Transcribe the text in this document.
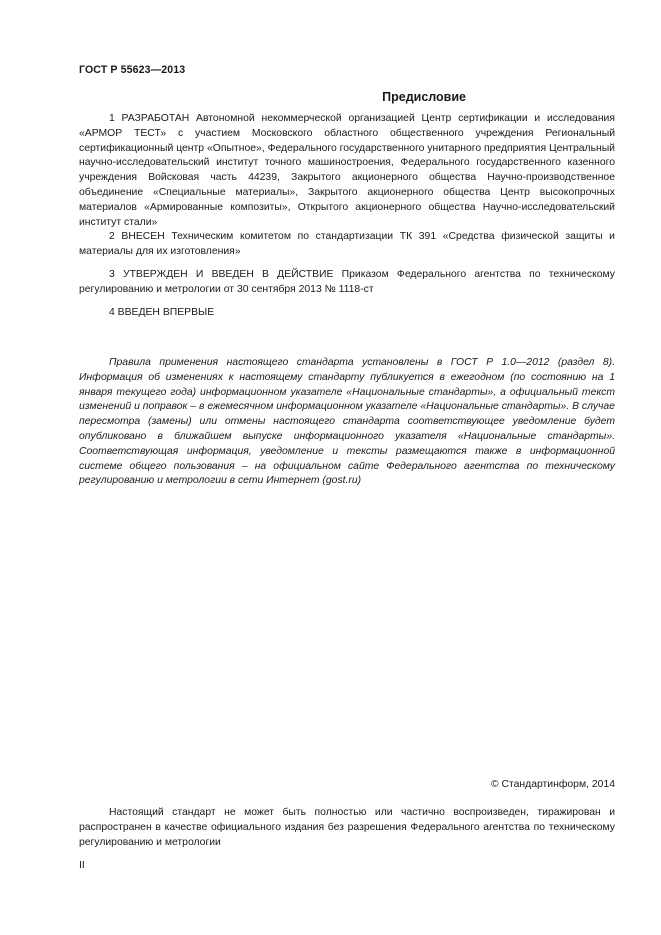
ГОСТ Р 55623—2013
Предисловие

1 РАЗРАБОТАН Автономной некоммерческой организацией Центр сертификации и исследования «АРМОР ТЕСТ» с участием Московского областного общественного учреждения Региональный сертификационный центр «Опытное», Федерального государственного унитарного предприятия Центральный научно-исследовательский институт точного машиностроения, Федерального государственного казенного учреждения Войсковая часть 44239, Закрытого акционерного общества Научно-производственное объединение «Специальные материалы», Закрытого акционерного общества Центр высокопрочных материалов «Армированные композиты», Открытого акционерного общества Научно-исследовательский институт стали»

2 ВНЕСЕН Техническим комитетом по стандартизации ТК 391 «Средства физической защиты и материалы для их изготовления»

3 УТВЕРЖДЕН И ВВЕДЕН В ДЕЙСТВИЕ Приказом Федерального агентства по техническому регулированию и метрологии от 30 сентября 2013 № 1118-ст

4 ВВЕДЕН ВПЕРВЫЕ

Правила применения настоящего стандарта установлены в ГОСТ Р 1.0—2012 (раздел 8). Информация об изменениях к настоящему стандарту публикуется в ежегодном (по состоянию на 1 января текущего года) информационном указателе «Национальные стандарты», а официальный текст изменений и поправок – в ежемесячном информационном указателе «Национальные стандарты». В случае пересмотра (замены) или отмены настоящего стандарта соответствующее уведомление будет опубликовано в ближайшем выпуске информационного указателя «Национальные стандарты». Соответствующая информация, уведомление и тексты размещаются также в информационной системе общего пользования – на официальном сайте Федерального агентства по техническому регулированию и метрологии в сети Интернет (gost.ru)

© Стандартинформ, 2014

Настоящий стандарт не может быть полностью или частично воспроизведен, тиражирован и распространен в качестве официального издания без разрешения Федерального агентства по техническому регулированию и метрологии

II
